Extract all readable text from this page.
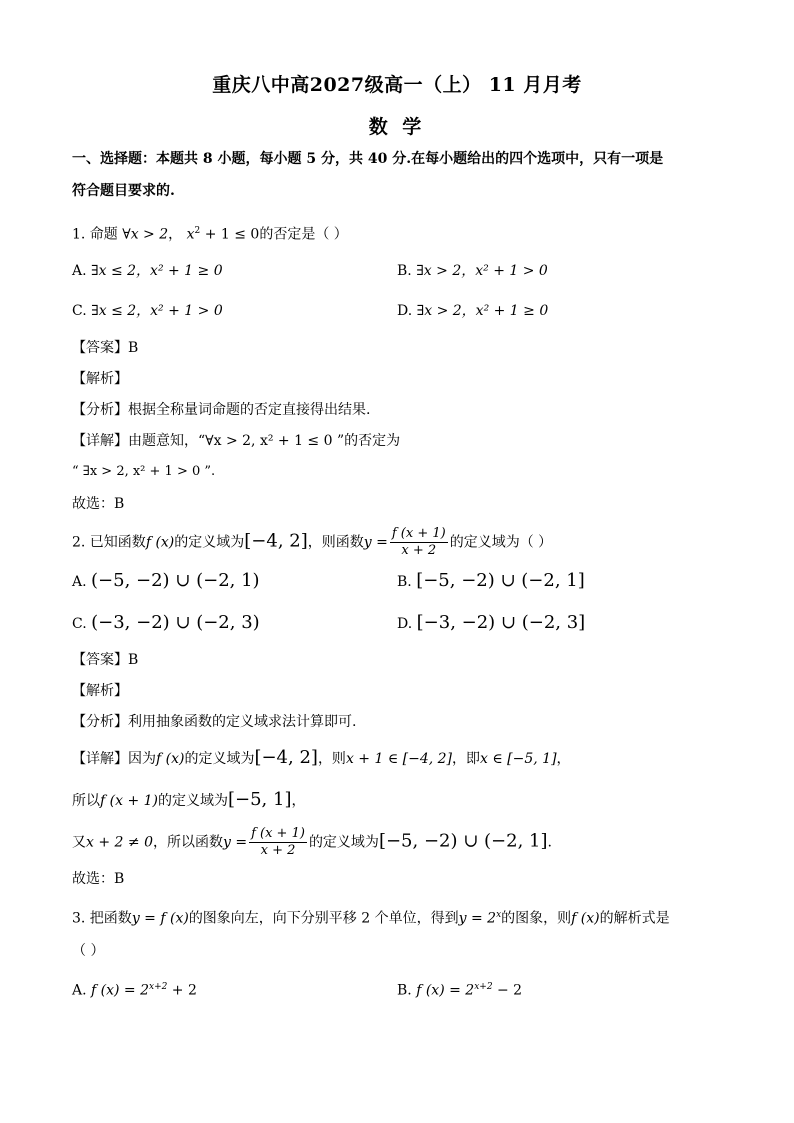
重庆八中高2027级高一（上） 11 月月考
数 学
一、选择题：本题共 8 小题，每小题 5 分，共 40 分.在每小题给出的四个选项中，只有一项是
符合题目要求的.
1. 命题 ∀x > 2， $x^2 + 1 \le 0$的否定是（ ）
A. ∃x ≤ 2，x² + 1 ≥ 0	B. ∃x > 2，x² + 1 > 0
C. ∃x ≤ 2，x² + 1 > 0	D. ∃x > 2，x² + 1 ≥ 0
【答案】B
【解析】
【分析】根据全称量词命题的否定直接得出结果.
【详解】由题意知，“∀x > 2, x² + 1 ≤ 0 ”的否定为
“ ∃x > 2, x² + 1 > 0 ”.
故选：B
2. 已知函数f (x)的定义域为[−4, 2]，则函数$y = \frac{f (x + 1)}{x + 2}$ 的定义域为（ ）
A. (−5, −2) ∪ (−2, 1)	B. [−5, −2) ∪ (−2, 1]
C. (−3, −2) ∪ (−2, 3)	D. [−3, −2) ∪ (−2, 3]
【答案】B
【解析】
【分析】利用抽象函数的定义域求法计算即可.
【详解】因为f (x)的定义域为[−4, 2]，则x + 1 ∈ [−4, 2]，即x ∈ [−5, 1]，
所以f (x + 1)的定义域为[−5, 1]，
又x + 2 ≠ 0，所以函数$y = \frac{f (x + 1)}{x + 2}$ 的定义域为[−5, −2) ∪ (−2, 1].
故选：B
3. 把函数y = f (x)的图象向左，向下分别平移 2 个单位，得到$y = 2^x$的图象，则f (x)的解析式是
（ ）
A. f $(x) = 2^{x+2} + 2$	B. f $(x) = 2^{x+2} - 2$
